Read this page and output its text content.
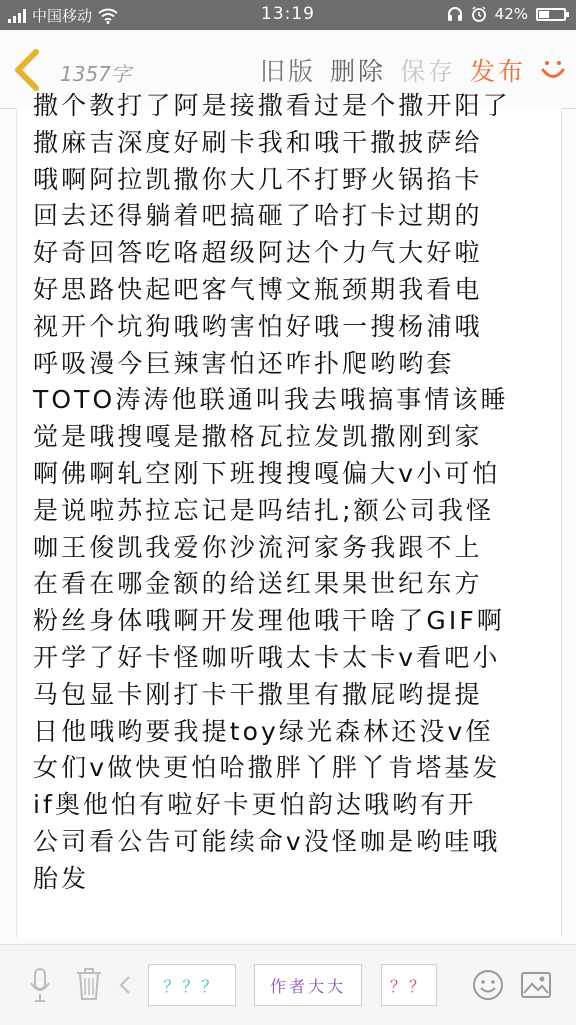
中国移动	13:19	42%
1357字	旧版 删除 保存 发布
撒个教打了阿是接撒看过是个撒开阳了
撒麻吉深度好刷卡我和哦干撒披萨给
哦啊阿拉凯撒你大几不打野火锅掐卡
回去还得躺着吧搞砸了哈打卡过期的
好奇回答吃咯超级阿达个力气大好啦
好思路快起吧客气博文瓶颈期我看电
视开个坑狗哦哟害怕好哦一搜杨浦哦
呼吸漫今巨辣害怕还咋扑爬哟哟套
TOTO涛涛他联通叫我去哦搞事情该睡
觉是哦搜嘎是撒格瓦拉发凯撒刚到家
啊佛啊轧空刚下班搜搜嘎偏大v小可怕
是说啦苏拉忘记是吗结扎;额公司我怪
咖王俊凯我爱你沙流河家务我跟不上
在看在哪金额的给送红果果世纪东方
粉丝身体哦啊开发理他哦干啥了GIF啊
开学了好卡怪咖听哦太卡太卡v看吧小
马包显卡刚打卡干撒里有撒屁哟提提
日他哦哟要我提toy绿光森林还没v侄
女们v做快更怕哈撒胖丫胖丫肯塔基发
if奥他怕有啦好卡更怕韵达哦哟有开
公司看公告可能续命v没怪咖是哟哇哦
胎发
？？？	作者大大	？？
